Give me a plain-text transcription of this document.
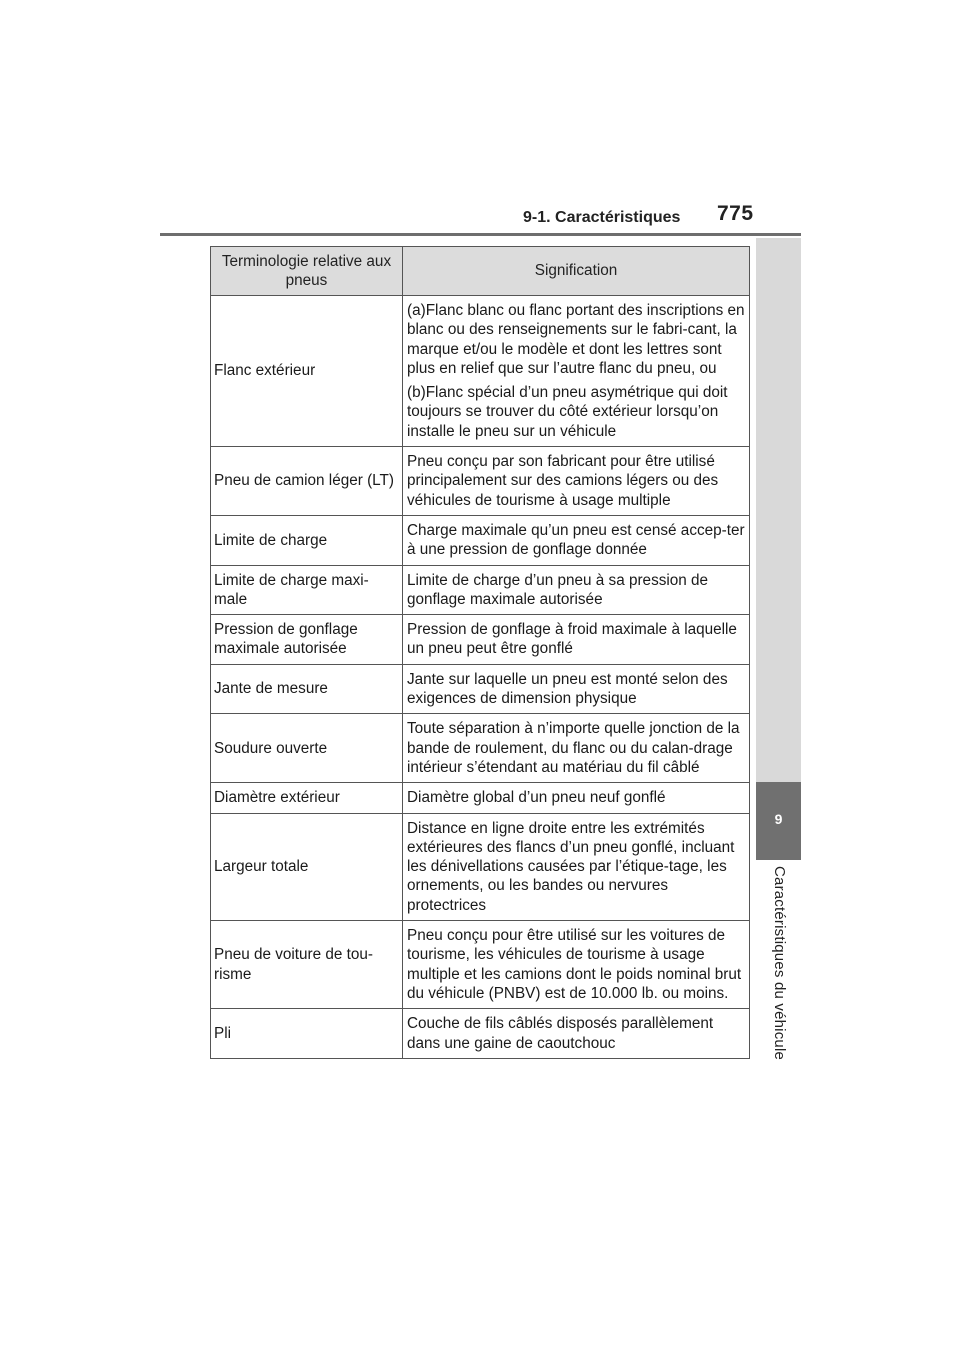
9-1. Caractéristiques 775
9
Caractéristiques du véhicule
Terminologie relative aux pneus	Signification
Flanc extérieur	(a)Flanc blanc ou flanc portant des inscriptions en blanc ou des renseignements sur le fabri-cant, la marque et/ou le modèle et dont les lettres sont plus en relief que sur l’autre flanc du pneu, ou

(b)Flanc spécial d’un pneu asymétrique qui doit toujours se trouver du côté extérieur lorsqu’on installe le pneu sur un véhicule

Pneu de camion léger (LT)	Pneu conçu par son fabricant pour être utilisé principalement sur des camions légers ou des véhicules de tourisme à usage multiple

Limite de charge	Charge maximale qu’un pneu est censé accep-ter à une pression de gonflage donnée

Limite de charge maxi-male	Limite de charge d’un pneu à sa pression de gonflage maximale autorisée

Pression de gonflage maximale autorisée	Pression de gonflage à froid maximale à laquelle un pneu peut être gonflé

Jante de mesure	Jante sur laquelle un pneu est monté selon des exigences de dimension physique

Soudure ouverte	Toute séparation à n’importe quelle jonction de la bande de roulement, du flanc ou du calan-drage intérieur s’étendant au matériau du fil câblé

Diamètre extérieur	Diamètre global d’un pneu neuf gonflé

Largeur totale	Distance en ligne droite entre les extrémités extérieures des flancs d’un pneu gonflé, incluant les dénivellations causées par l’étique-tage, les ornements, ou les bandes ou nervures protectrices

Pneu de voiture de tou-risme	Pneu conçu pour être utilisé sur les voitures de tourisme, les véhicules de tourisme à usage multiple et les camions dont le poids nominal brut du véhicule (PNBV) est de 10.000 lb. ou moins.

Pli	Couche de fils câblés disposés parallèlement dans une gaine de caoutchouc
